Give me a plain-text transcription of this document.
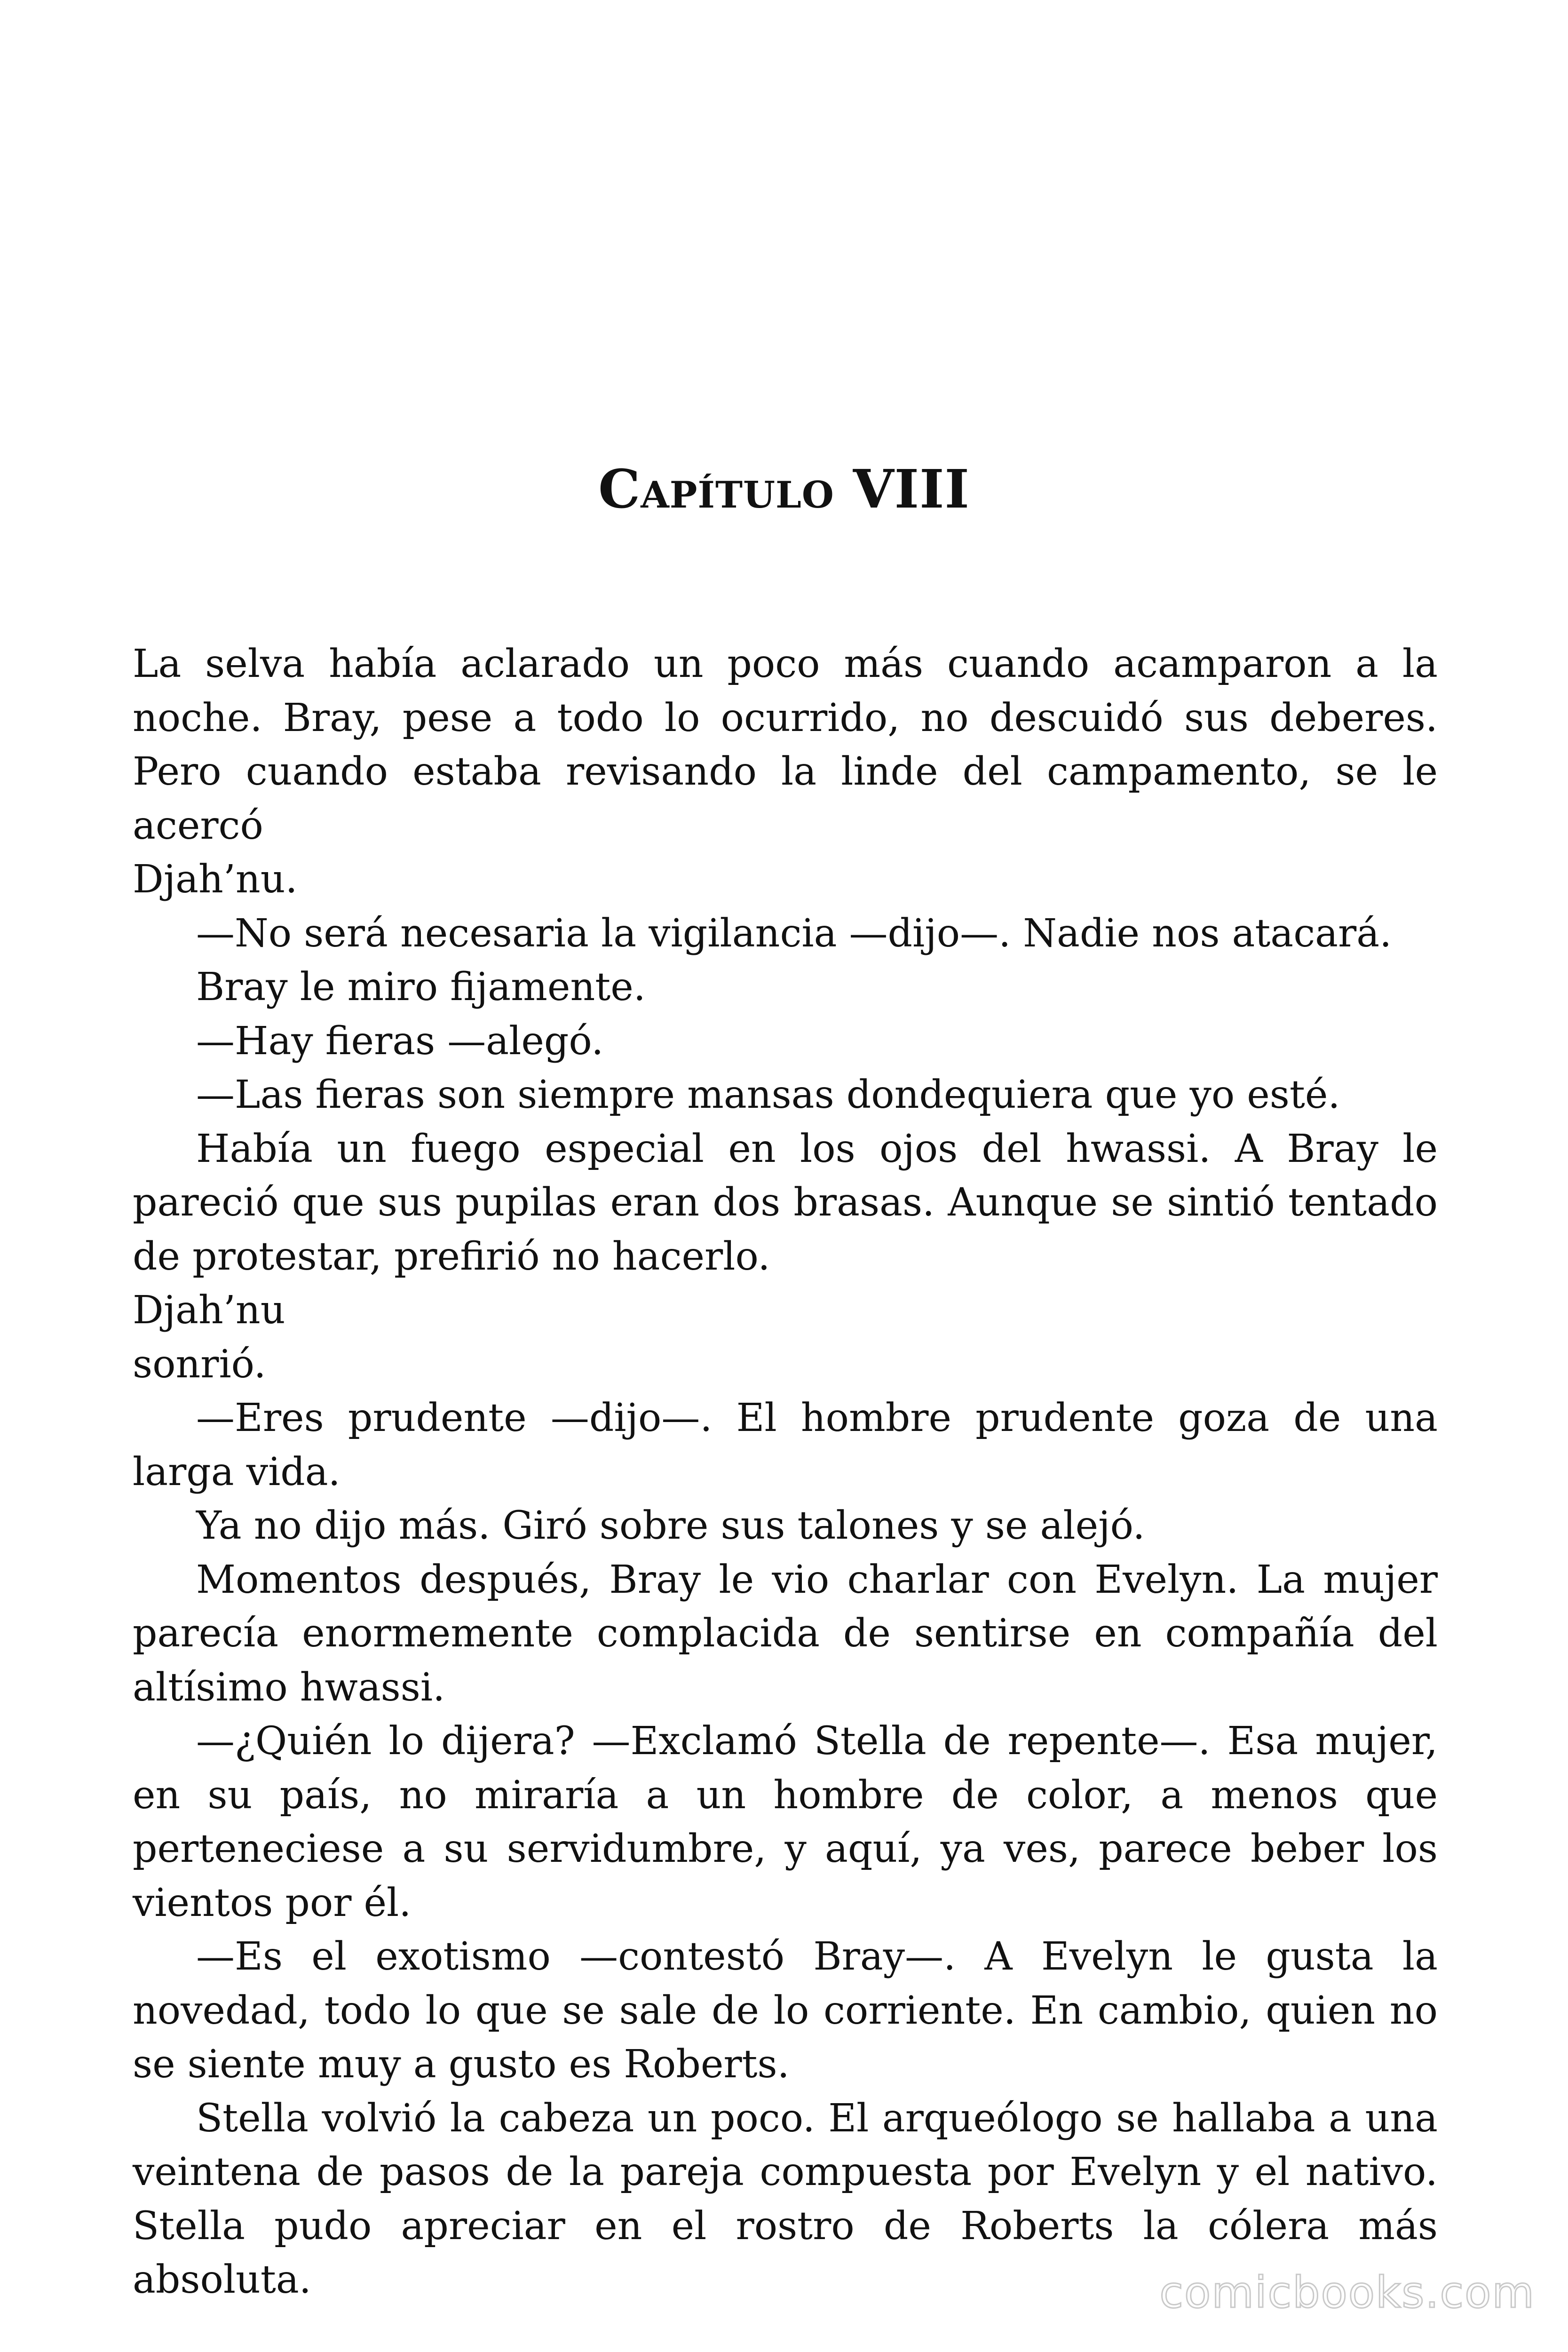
Capítulo VIII

La selva había aclarado un poco más cuando acamparon a la noche. Bray, pese a todo lo ocurrido, no descuidó sus deberes. Pero cuando estaba revisando la linde del campamento, se le acercó

Djah’nu.

—No será necesaria la vigilancia —dijo—. Nadie nos atacará.

Bray le miro fijamente.

—Hay fieras —alegó.

—Las fieras son siempre mansas dondequiera que yo esté.

Había un fuego especial en los ojos del hwassi. A Bray le pareció que sus pupilas eran dos brasas. Aunque se sintió tentado de protestar, prefirió no hacerlo.

Djah’nu

sonrió.

—Eres prudente —dijo—. El hombre prudente goza de una larga vida.

Ya no dijo más. Giró sobre sus talones y se alejó.

Momentos después, Bray le vio charlar con Evelyn. La mujer parecía enormemente complacida de sentirse en compañía del altísimo hwassi.

—¿Quién lo dijera? —Exclamó Stella de repente—. Esa mujer, en su país, no miraría a un hombre de color, a menos que perteneciese a su servidumbre, y aquí, ya ves, parece beber los vientos por él.

—Es el exotismo —contestó Bray—. A Evelyn le gusta la novedad, todo lo que se sale de lo corriente. En cambio, quien no se siente muy a gusto es Roberts.

Stella volvió la cabeza un poco. El arqueólogo se hallaba a una veintena de pasos de la pareja compuesta por Evelyn y el nativo. Stella pudo apreciar en el rostro de Roberts la cólera más absoluta.	comicbooks.com
